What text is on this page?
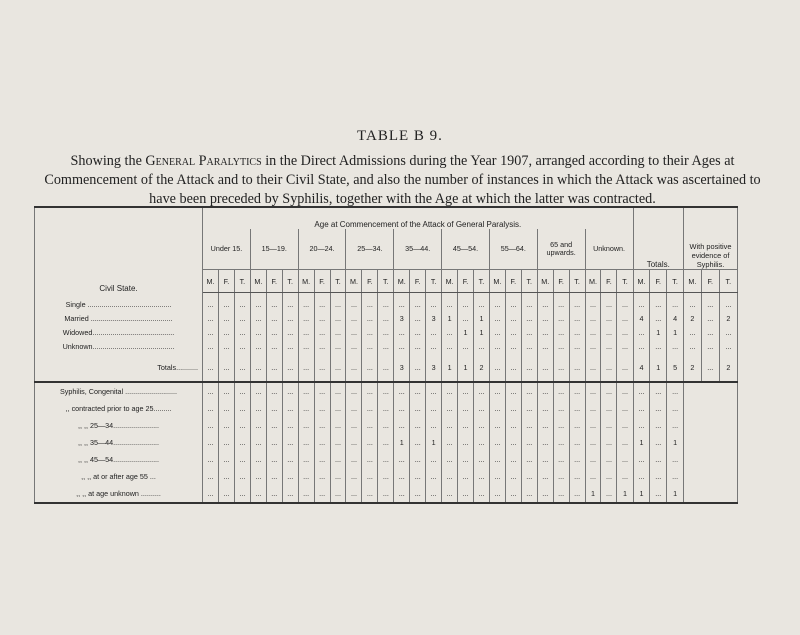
TABLE B 9.
Showing the General Paralytics in the Direct Admissions during the Year 1907, arranged according to their Ages at Commencement of the Attack and to their Civil State, and also the number of instances in which the Attack was ascertained to have been preceded by Syphilis, together with the Age at which the latter was contracted.
Civil State.	Age at Commencement of the Attack of General Paralysis.																											Totals.			With positive evidence of Syphilis.		
	Under 15.			15—19.			20—24.			25—34.			35—44.			45—54.			55—64.			65 and upwards.			Unknown.								
	M.	F.	T.	M.	F.	T.	M.	F.	T.	M.	F.	T.	M.	F.	T.	M.	F.	T.	M.	F.	T.	M.	F.	T.	M.	F.	T.	M.	F.	T.	M.	F.	T.

Single ..........................................	...	...	...	...	...	...	...	...	...	...	...	...	...	...	...	...	...	...	...	...	...	...	...	...	...	...	...	...	...	...	...	...	...
Married .........................................	...	...	...	...	...	...	...	...	...	...	...	...	3	...	3	1	...	1	...	...	...	...	...	...	...	...	...	4	...	4	2	...	2
Widowed.........................................	...	...	...	...	...	...	...	...	...	...	...	...	...	...	...	...	1	1	...	...	...	...	...	...	...	...	...	...	1	1	...	...	...
Unknown.........................................	...	...	...	...	...	...	...	...	...	...	...	...	...	...	...	...	...	...	...	...	...	...	...	...	...	...	...	...	...	...	...	...	...
Totals...........	...	...	...	...	...	...	...	...	...	...	...	...	3	...	3	1	1	2	...	...	...	...	...	...	...	...	...	4	1	5	2	...	2
Syphilis, Congenital ..........................	...	...	...	...	...	...	...	...	...	...	...	...	...	...	...	...	...	...	...	...	...	...	...	...	...	...	...	...	...	...			
,, contracted prior to age 25.........	...	...	...	...	...	...	...	...	...	...	...	...	...	...	...	...	...	...	...	...	...	...	...	...	...	...	...	...	...	...			
,, ,, 25—34.......................	...	...	...	...	...	...	...	...	...	...	...	...	...	...	...	...	...	...	...	...	...	...	...	...	...	...	...	...	...	...			
,, ,, 35—44.......................	...	...	...	...	...	...	...	...	...	...	...	...	1	...	1	...	...	...	...	...	...	...	...	...	...	...	...	1	...	1			
,, ,, 45—54.......................	...	...	...	...	...	...	...	...	...	...	...	...	...	...	...	...	...	...	...	...	...	...	...	...	...	...	...	...	...	...			
,, ,, at or after age 55 ...	...	...	...	...	...	...	...	...	...	...	...	...	...	...	...	...	...	...	...	...	...	...	...	...	...	...	...	...	...	...			
,, ,, at age unknown ..........	...	...	...	...	...	...	...	...	...	...	...	...	...	...	...	...	...	...	...	...	...	...	...	...	1	...	1	1	...	1			
